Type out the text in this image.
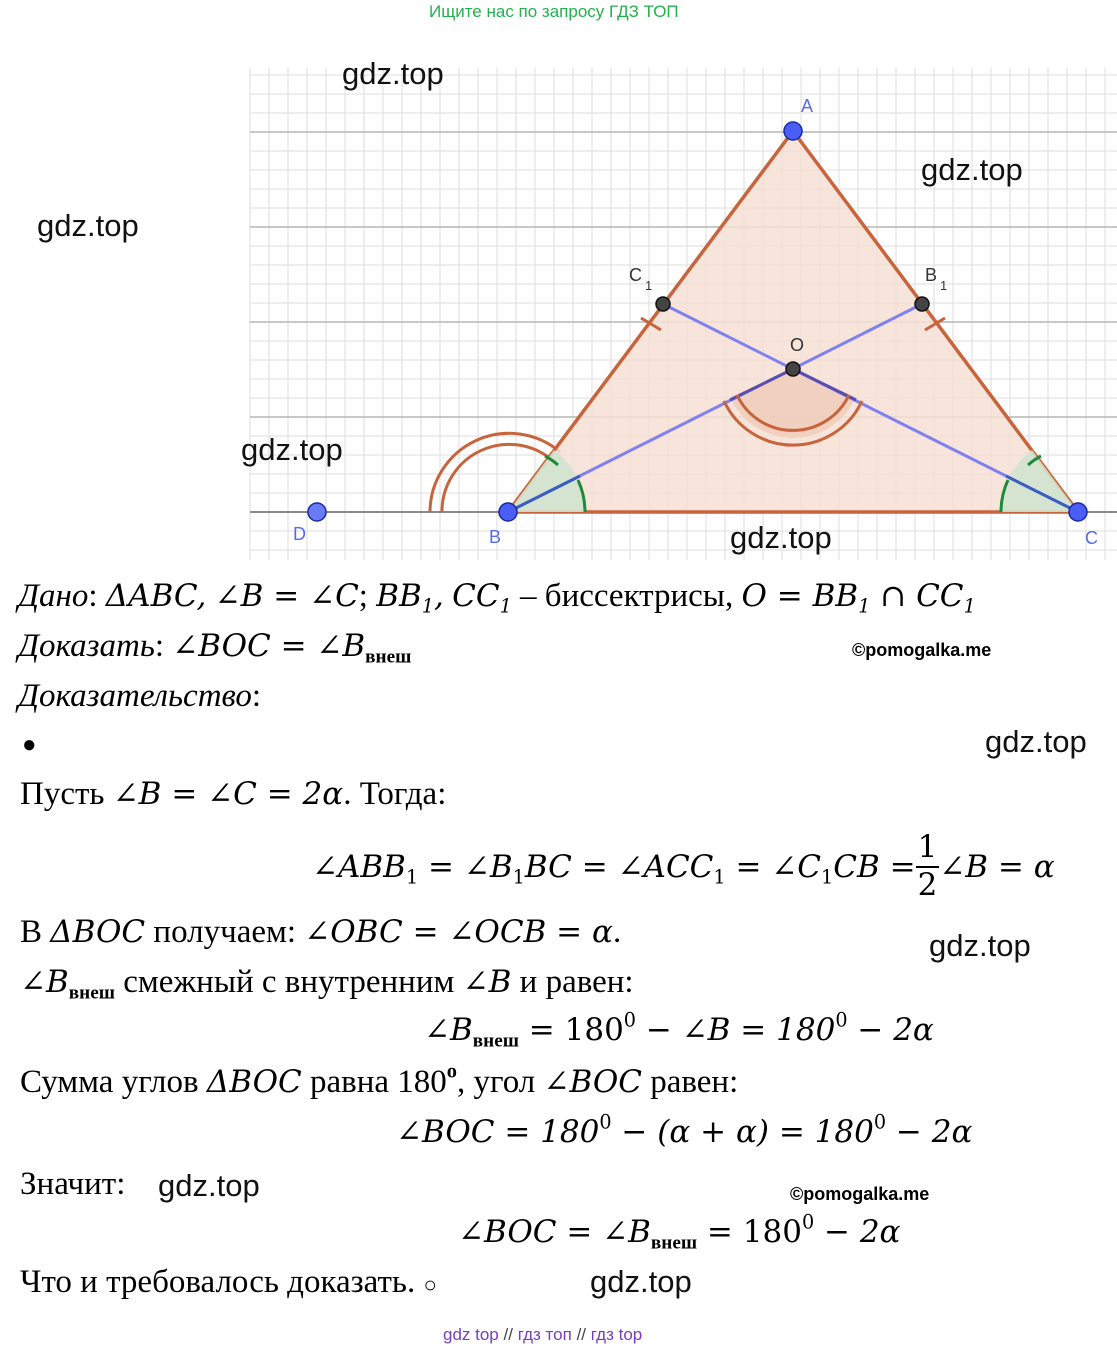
Ищите нас по запросу ГДЗ ТОП
A
B	C
D
O
B
1
C
1
gdz.top
gdz.top
gdz.top
gdz.top
gdz.top
Дано: ΔABC, ∠B = ∠C; $BB_1$, $CC_1$ – биссектрисы, $O = BB_1$ ∩ $CC_1$
Доказать: ∠BOC = $\angle B_{внеш}$	©pomogalka.me
Доказательство:
●	gdz.top
Пусть ∠B = ∠C = 2α. Тогда:
$\angle ABB_1$ = $\angle B_1BC$ = $\angle ACC_1$ = $\angle C_1CB = \frac{1}{2}$ ∠B = α
В ΔBOC получаем: ∠OBC = ∠OCB = α.	gdz.top
$\angle B_{внеш}$ смежный с внутренним ∠B и равен:
$\angle B_{внеш} = 180^0$ − ∠B = $180^0 - 2\alpha$
Сумма углов ΔBOC равна 180$^o$, угол ∠BOC равен:
∠BOC = $180^0 - (\alpha + \alpha) = 180^0 - 2\alpha$
Значит: gdz.top	©pomogalka.me
∠BOC = $\angle B_{внеш} = 180^0 - 2\alpha$
Что и требовалось доказать. ○	gdz.top
gdz top // гдз топ // гдз top
